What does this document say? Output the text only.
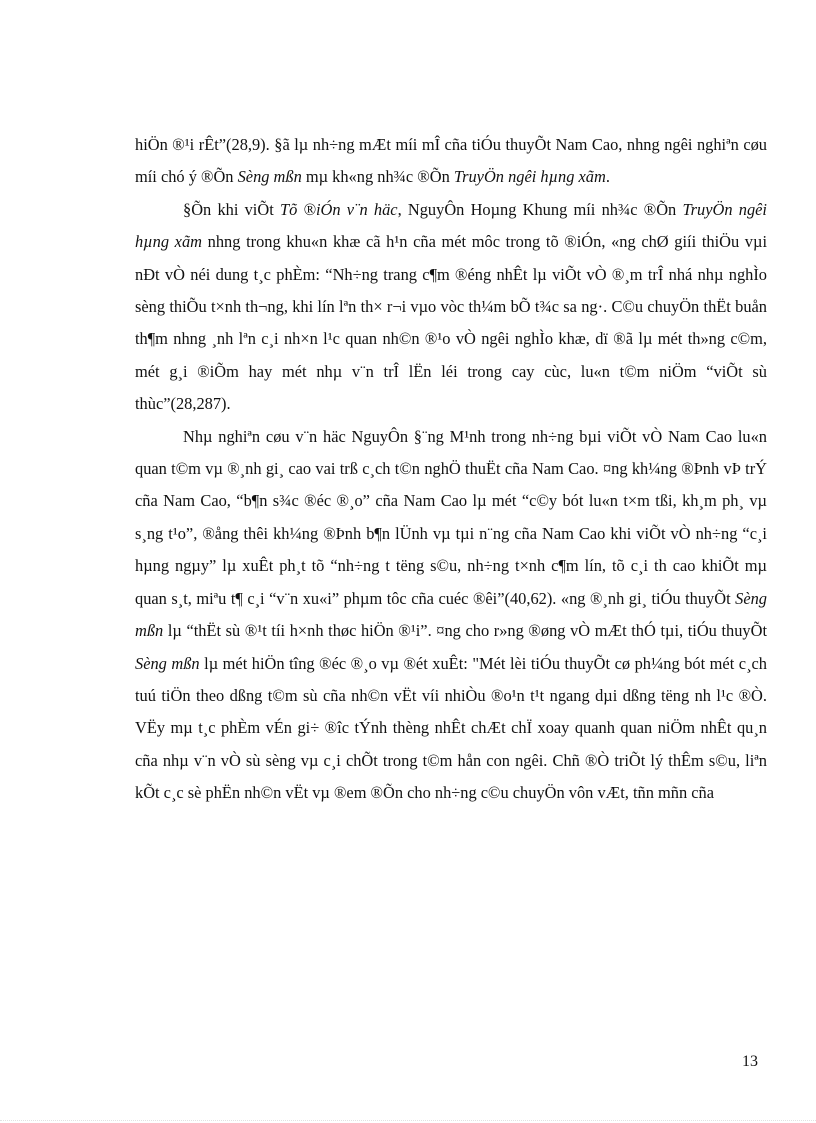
hiÖn ®¹i rÊt”(28,9). §ã lµ nh÷ng mÆt míi mÎ cña tiÓu thuyÕt Nam Cao, nhng ngêi nghiªn cøu míi chó ý ®Õn Sèng mßn mµ kh«ng nh¾c ®Õn TruyÖn ngêi hµng xãm.

§Õn khi viÕt Tõ ®iÓn v¨n häc, NguyÔn Hoµng Khung míi nh¾c ®Õn TruyÖn ngêi hµng xãm nhng trong khu«n khæ cã h¹n cña mét môc trong tõ ®iÓn, «ng chØ giíi thiÖu vµi nÐt vÒ néi dung t¸c phÈm: “Nh÷ng trang c¶m ®éng nhÊt lµ viÕt vÒ ®¸m trÎ nhá nhµ nghÌo sèng thiÕu t×nh th¬ng, khi lín lªn th× r¬i vµo vòc th¼m bÕ t¾c sa ng·. C©u chuyÖn thËt buån th¶m nhng ¸nh lªn c¸i nh×n l¹c quan nh©n ®¹o vÒ ngêi nghÌo khæ, dï ®ã lµ mét th»ng c©m, mét g¸i ®iÕm hay mét nhµ v¨n trÎ lËn léi trong cay cùc, lu«n t©m niÖm “viÕt sù thùc”(28,287).

Nhµ nghiªn cøu v¨n häc NguyÔn §¨ng M¹nh trong nh÷ng bµi viÕt vÒ Nam Cao lu«n quan t©m vµ ®¸nh gi¸ cao vai trß c¸ch t©n nghÖ thuËt cña Nam Cao. ¤ng kh¼ng ®Þnh vÞ trÝ cña Nam Cao, “b¶n s¾c ®éc ®¸o” cña Nam Cao lµ mét “c©y bót lu«n t×m tßi, kh¸m ph¸ vµ s¸ng t¹o”, ®ång thêi kh¼ng ®Þnh b¶n lÜnh vµ tµi n¨ng cña Nam Cao khi viÕt vÒ nh÷ng “c¸i hµng ngµy” lµ xuÊt ph¸t tõ “nh÷ng t tëng s©u, nh÷ng t×nh c¶m lín, tõ c¸i th cao khiÕt mµ quan s¸t, miªu t¶ c¸i “v¨n xu«i” phµm tôc cña cuéc ®êi”(40,62). «ng ®¸nh gi¸ tiÓu thuyÕt Sèng mßn lµ “thËt sù ®¹t tíi h×nh thøc hiÖn ®¹i”. ¤ng cho r»ng ®øng vÒ mÆt thÓ tµi, tiÓu thuyÕt Sèng mßn lµ mét hiÖn tîng ®éc ®¸o vµ ®ét xuÊt: "Mét lèi tiÓu thuyÕt cø ph¼ng bót mét c¸ch tuú tiÖn theo dßng t©m sù cña nh©n vËt víi nhiÒu ®o¹n t¹t ngang dµi dßng tëng nh l¹c ®Ò. VËy mµ t¸c phÈm vÉn gi÷ ®îc tÝnh thèng nhÊt chÆt chÏ xoay quanh quan niÖm nhÊt qu¸n cña nhµ v¨n vÒ sù sèng vµ c¸i chÕt trong t©m hån con ngêi. Chñ ®Ò triÕt lý thÊm s©u, liªn kÕt c¸c sè phËn nh©n vËt vµ ®em ®Õn cho nh÷ng c©u chuyÖn vôn vÆt, tñn mñn cña

13
